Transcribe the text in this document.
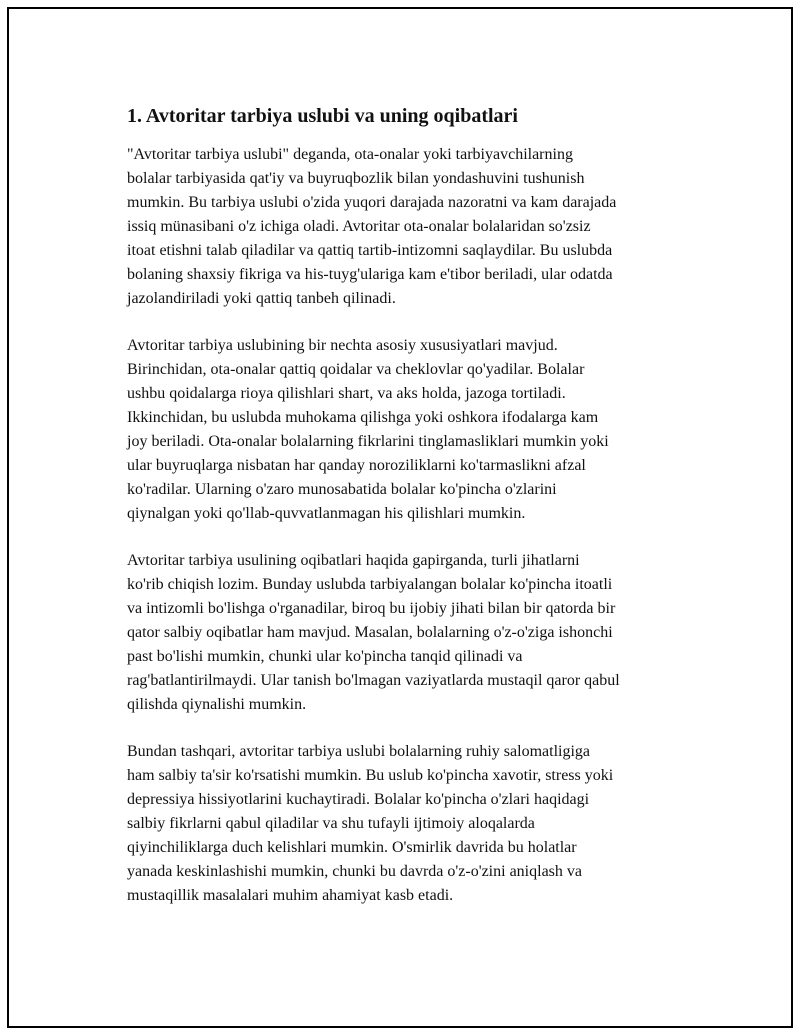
1. Avtoritar tarbiya uslubi va uning oqibatlari

"Avtoritar tarbiya uslubi" deganda, ota-onalar yoki tarbiyavchilarning
bolalar tarbiyasida qat'iy va buyruqbozlik bilan yondashuvini tushunish
mumkin. Bu tarbiya uslubi o'zida yuqori darajada nazoratni va kam darajada
issiq münasibani o'z ichiga oladi. Avtoritar ota-onalar bolalaridan so'zsiz
itoat etishni talab qiladilar va qattiq tartib-intizomni saqlaydilar. Bu uslubda
bolaning shaxsiy fikriga va his-tuyg'ulariga kam e'tibor beriladi, ular odatda
jazolandiriladi yoki qattiq tanbeh qilinadi.

Avtoritar tarbiya uslubining bir nechta asosiy xususiyatlari mavjud.
Birinchidan, ota-onalar qattiq qoidalar va cheklovlar qo'yadilar. Bolalar
ushbu qoidalarga rioya qilishlari shart, va aks holda, jazoga tortiladi.
Ikkinchidan, bu uslubda muhokama qilishga yoki oshkora ifodalarga kam
joy beriladi. Ota-onalar bolalarning fikrlarini tinglamasliklari mumkin yoki
ular buyruqlarga nisbatan har qanday noroziliklarni ko'tarmaslikni afzal
ko'radilar. Ularning o'zaro munosabatida bolalar ko'pincha o'zlarini
qiynalgan yoki qo'llab-quvvatlanmagan his qilishlari mumkin.

Avtoritar tarbiya usulining oqibatlari haqida gapirganda, turli jihatlarni
ko'rib chiqish lozim. Bunday uslubda tarbiyalangan bolalar ko'pincha itoatli
va intizomli bo'lishga o'rganadilar, biroq bu ijobiy jihati bilan bir qatorda bir
qator salbiy oqibatlar ham mavjud. Masalan, bolalarning o'z-o'ziga ishonchi
past bo'lishi mumkin, chunki ular ko'pincha tanqid qilinadi va
rag'batlantirilmaydi. Ular tanish bo'lmagan vaziyatlarda mustaqil qaror qabul
qilishda qiynalishi mumkin.

Bundan tashqari, avtoritar tarbiya uslubi bolalarning ruhiy salomatligiga
ham salbiy ta'sir ko'rsatishi mumkin. Bu uslub ko'pincha xavotir, stress yoki
depressiya hissiyotlarini kuchaytiradi. Bolalar ko'pincha o'zlari haqidagi
salbiy fikrlarni qabul qiladilar va shu tufayli ijtimoiy aloqalarda
qiyinchiliklarga duch kelishlari mumkin. O'smirlik davrida bu holatlar
yanada keskinlashishi mumkin, chunki bu davrda o'z-o'zini aniqlash va
mustaqillik masalalari muhim ahamiyat kasb etadi.
